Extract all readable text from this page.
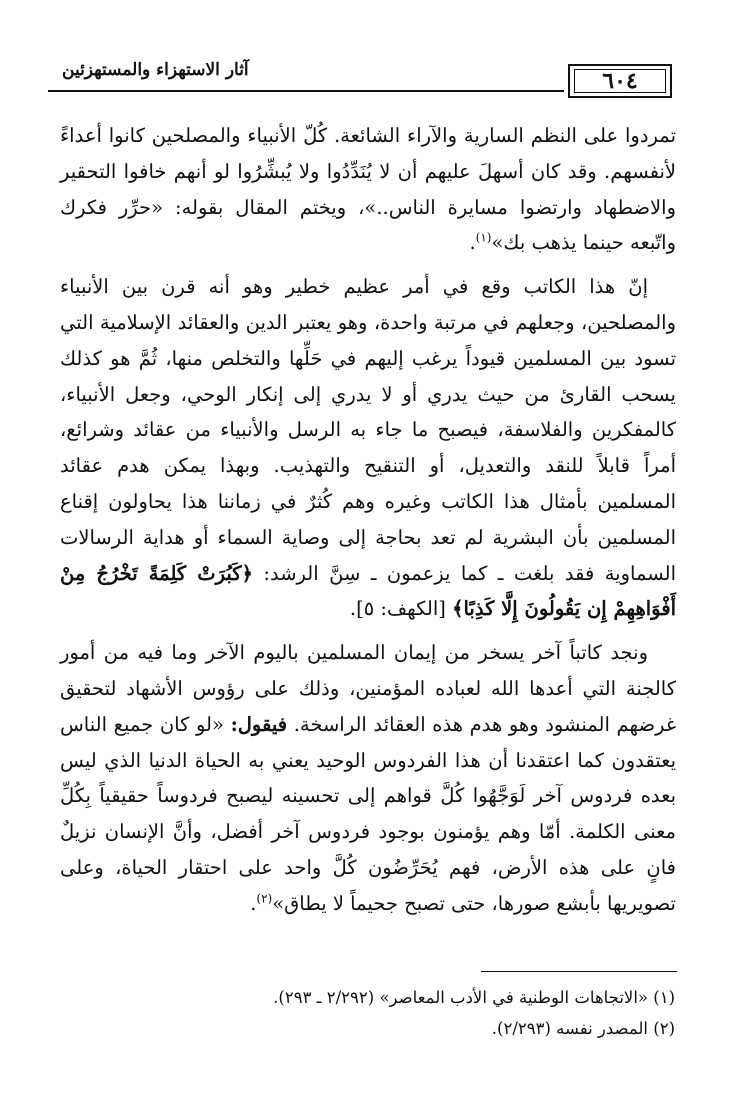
٦٠٤
آثار الاستهزاء والمستهزئين

تمردوا على النظم السارية والآراء الشائعة. كُلّ الأنبياء والمصلحين كانوا أعداءً لأنفسهم. وقد كان أسهلَ عليهم أن لا يُنَدِّدُوا ولا يُبشِّرُوا لو أنهم خافوا التحقير والاضطهاد وارتضوا مسايرة الناس..»، ويختم المقال بقوله: «حرِّر فكرك واتّبعه حينما يذهب بك»$^{(١)}$.

إنّ هذا الكاتب وقع في أمر عظيم خطير وهو أنه قرن بين الأنبياء والمصلحين، وجعلهم في مرتبة واحدة، وهو يعتبر الدين والعقائد الإسلامية التي تسود بين المسلمين قيوداً يرغب إليهم في حَلِّها والتخلص منها، ثُمَّ هو كذلك يسحب القارئ من حيث يدري أو لا يدري إلى إنكار الوحي، وجعل الأنبياء، كالمفكرين والفلاسفة، فيصبح ما جاء به الرسل والأنبياء من عقائد وشرائع، أمراً قابلاً للنقد والتعديل، أو التنقيح والتهذيب. وبهذا يمكن هدم عقائد المسلمين بأمثال هذا الكاتب وغيره وهم كُثرٌ في زماننا هذا يحاولون إقناع المسلمين بأن البشرية لم تعد بحاجة إلى وصاية السماء أو هداية الرسالات السماوية فقد بلغت ـ كما يزعمون ـ سِنَّ الرشد: ﴿كَبُرَتْ كَلِمَةً تَخْرُجُ مِنْ أَفْوَاهِهِمْ إِن يَقُولُونَ إِلَّا كَذِبًا﴾ [الكهف: ٥].

ونجد كاتباً آخر يسخر من إيمان المسلمين باليوم الآخر وما فيه من أمور كالجنة التي أعدها الله لعباده المؤمنين، وذلك على رؤوس الأشهاد لتحقيق غرضهم المنشود وهو هدم هذه العقائد الراسخة. فيقول: «لو كان جميع الناس يعتقدون كما اعتقدنا أن هذا الفردوس الوحيد يعني به الحياة الدنيا الذي ليس بعده فردوس آخر لَوَجَّهُوا كُلَّ قواهم إلى تحسينه ليصبح فردوساً حقيقياً بِكُلِّ معنى الكلمة. أمّا وهم يؤمنون بوجود فردوس آخر أفضل، وأنَّ الإنسان نزيلٌ فانٍ على هذه الأرض، فهم يُحَرِّضُون كُلَّ واحد على احتقار الحياة، وعلى تصويريها بأبشع صورها، حتى تصبح جحيماً لا يطاق»$^{(٢)}$.

(١) «الاتجاهات الوطنية في الأدب المعاصر» (٢/٢٩٢ ـ ٢٩٣).

(٢) المصدر نفسه (٢/٢٩٣).
